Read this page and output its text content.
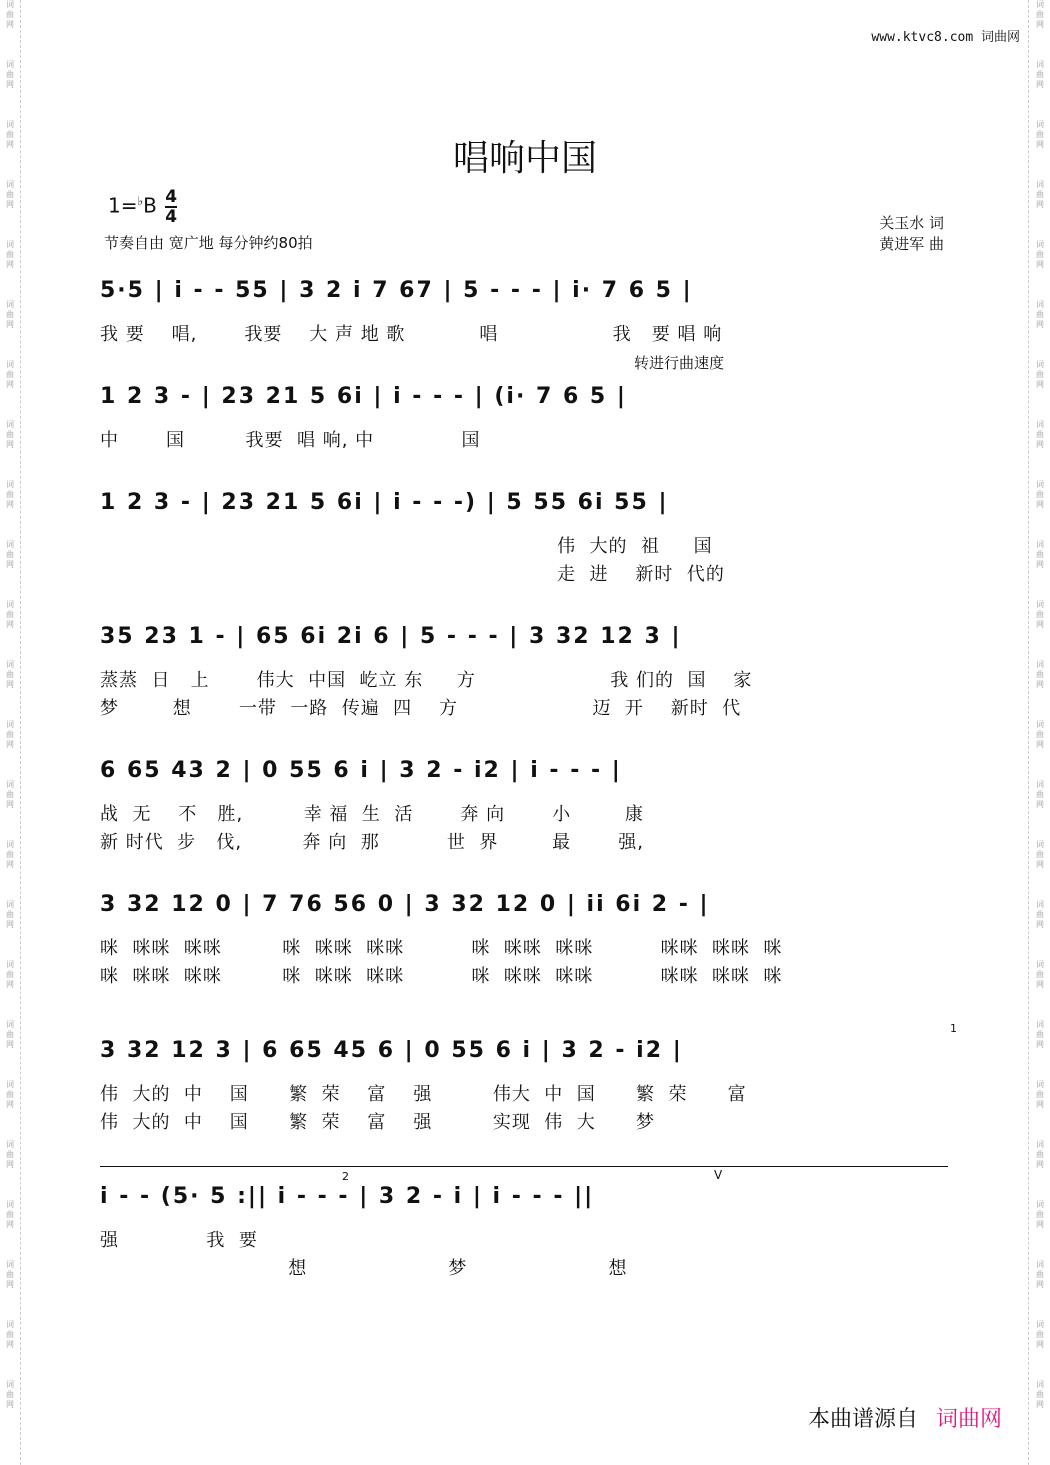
词
曲
网
词
曲
网
词
曲
网
词
曲
网
词
曲
网
词
曲
网
词
曲
网
词
曲
网
词
曲
网
词
曲
网
词
曲
网
词
曲
网
词
曲
网
词
曲
网
词
曲
网
词
曲
网
词
曲
网
词
曲
网
词
曲
网
词
曲
网
词
曲
网
词
曲
网
词
曲
网
词
曲
网
词
曲
网
词
曲
网
词
曲
网
词
曲
网
词
曲
网
词
曲
网
词
曲
网
词
曲
网
词
曲
网
词
曲
网
词
曲
网
词
曲
网
词
曲
网
词
曲
网
词
曲
网
词
曲
网
词
曲
网
词
曲
网
词
曲
网
词
曲
网
词
曲
网
词
曲
网
词
曲
网
词
曲
网
www.ktvc8.com 词曲网
唱响中国
$1=^♭B \frac{4}{4}$
节奏自由 宽广地 每分钟约80拍
关玉水 词
黄进军 曲
转进行曲速度
1
2	V
5·5 | i - - 55 | 3 2 i 7 67 | 5 - - - | i· 7 6 5 |
我 要    唱,       我要    大 声 地 歌           唱                 我   要 唱 响
1 2 3 - | 23 21 5 6i | i - - - | (i· 7 6 5 |
中       国         我要  唱 响, 中             国
1 2 3 - | 23 21 5 6i | i - - -) | 5 55 6i 55 |
伟  大的  祖     国
走  进    新时  代的
35 23 1 - | 65 6i 2i 6 | 5 - - - | 3 32 12 3 |
蒸蒸  日   上       伟大  中国  屹立 东     方                    我 们的  国    家
梦        想       一带  一路  传遍  四    方                    迈  开    新时  代
6 65 43 2 | 0 55 6 i | 3 2 - i2 | i - - - |
战  无    不   胜,         幸 福  生  活       奔 向       小        康
新 时代  步   伐,         奔 向  那          世  界        最       强,
3 32 12 0 | 7 76 56 0 | 3 32 12 0 | ii 6i 2 - |
咪  咪咪  咪咪         咪  咪咪  咪咪          咪  咪咪  咪咪          咪咪  咪咪  咪
咪  咪咪  咪咪         咪  咪咪  咪咪          咪  咪咪  咪咪          咪咪  咪咪  咪
3 32 12 3 | 6 65 45 6 | 0 55 6 i | 3 2 - i2 |
伟  大的  中    国      繁  荣    富    强         伟大  中  国      繁  荣      富
伟  大的  中    国      繁  荣    富    强         实现  伟  大      梦
i - - (5· 5 :|| i - - - | 3 2 - i | i - - - ||
强             我  要
想                     梦                     想
本曲谱源自 词曲网
